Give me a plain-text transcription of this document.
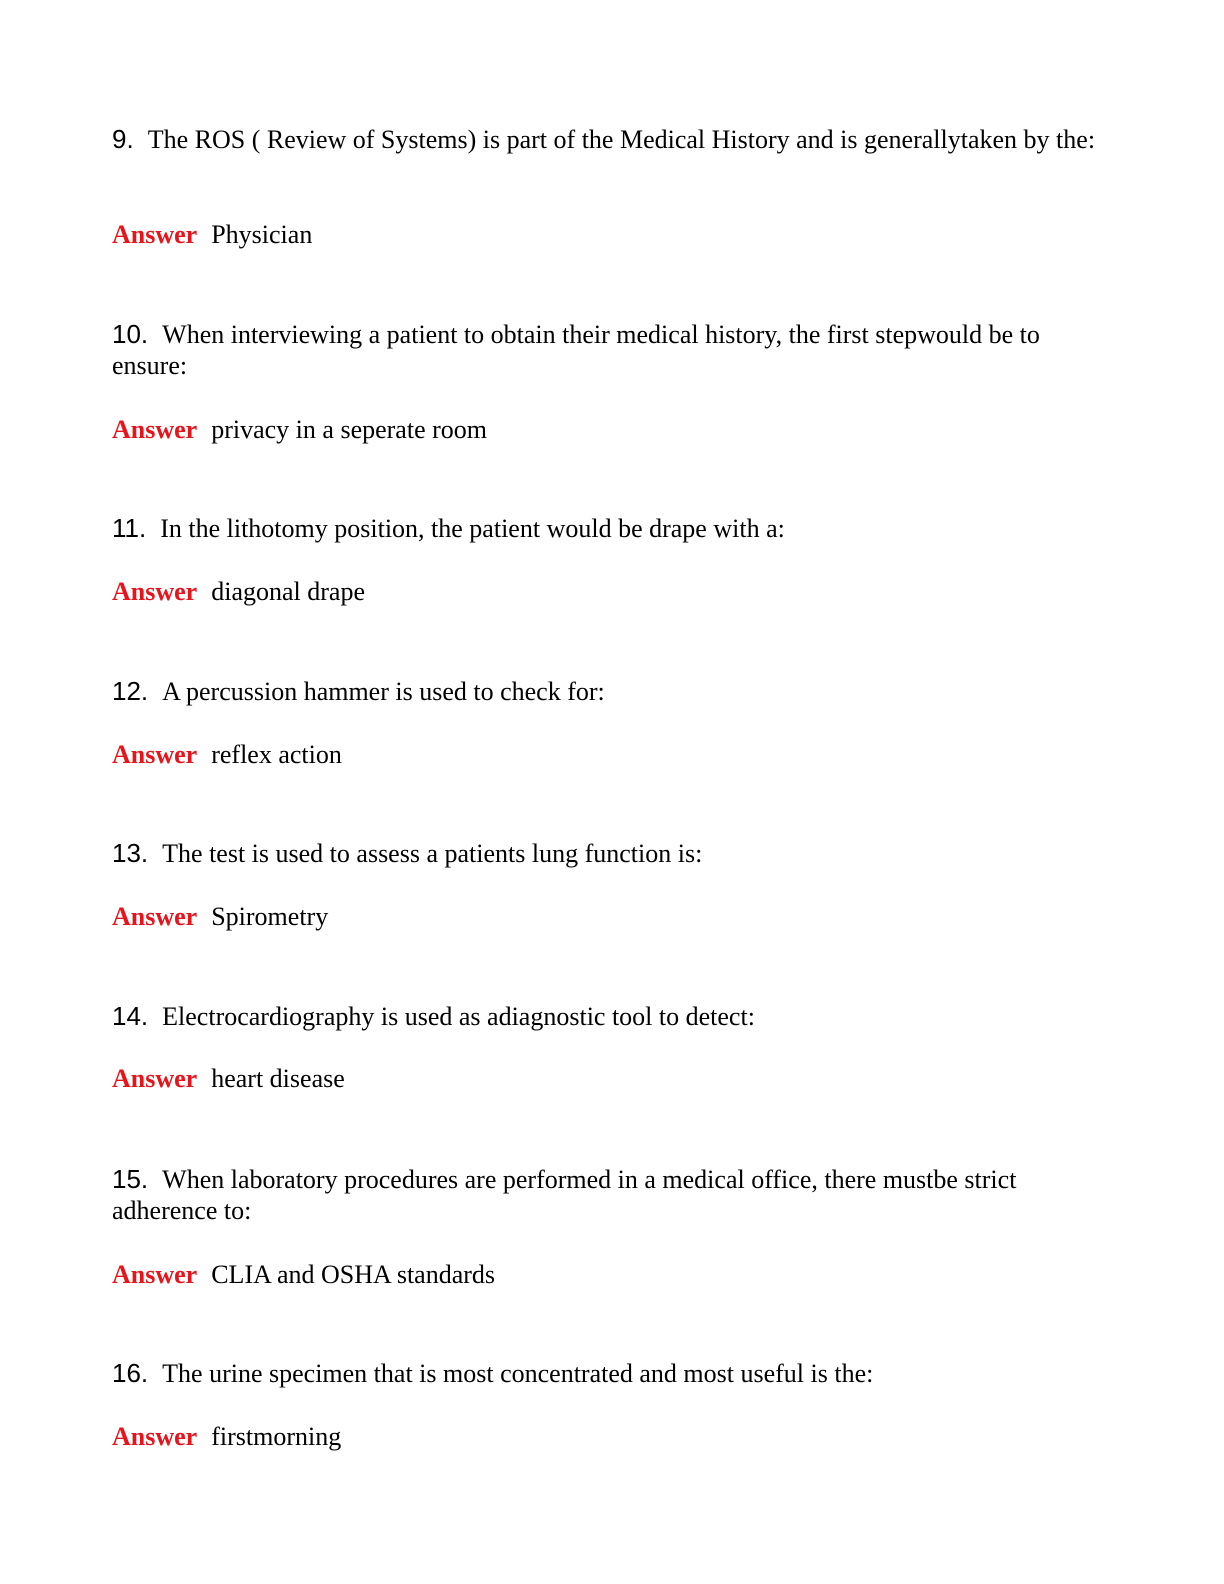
9. The ROS ( Review of Systems) is part of the Medical History and is generallytaken by the:

Answer Physician

10. When interviewing a patient to obtain their medical history, the first stepwould be to ensure:

Answer privacy in a seperate room

11. In the lithotomy position, the patient would be drape with a:

Answer diagonal drape

12. A percussion hammer is used to check for:

Answer reflex action

13. The test is used to assess a patients lung function is:

Answer Spirometry

14. Electrocardiography is used as adiagnostic tool to detect:

Answer heart disease

15. When laboratory procedures are performed in a medical office, there mustbe strict adherence to:

Answer CLIA and OSHA standards

16. The urine specimen that is most concentrated and most useful is the:

Answer firstmorning
